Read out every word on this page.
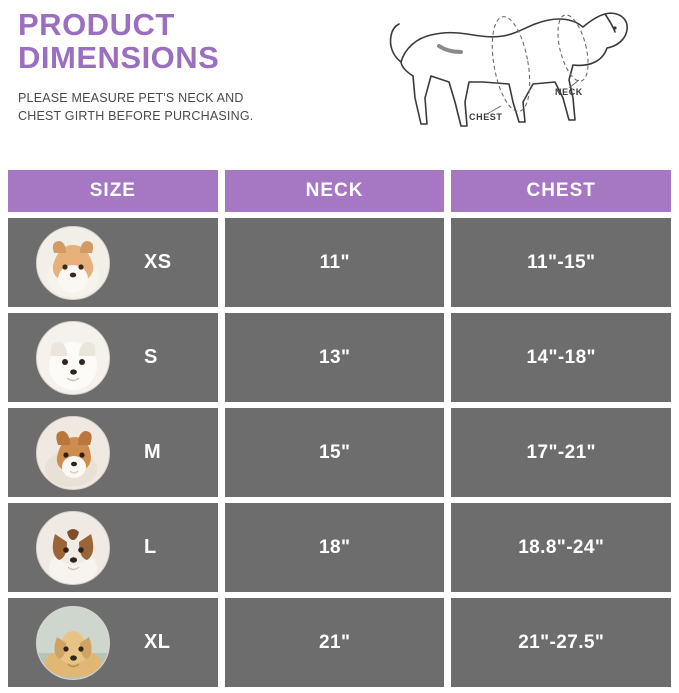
PRODUCT
DIMENSIONS
PLEASE MEASURE PET'S NECK AND
CHEST GIRTH BEFORE PURCHASING.	CHEST
NECK
SIZE	NECK	CHEST
XS	11"	11"-15"
S	13"	14"-18"
M	15"	17"-21"
L	18"	18.8"-24"
XL	21"	21"-27.5"
